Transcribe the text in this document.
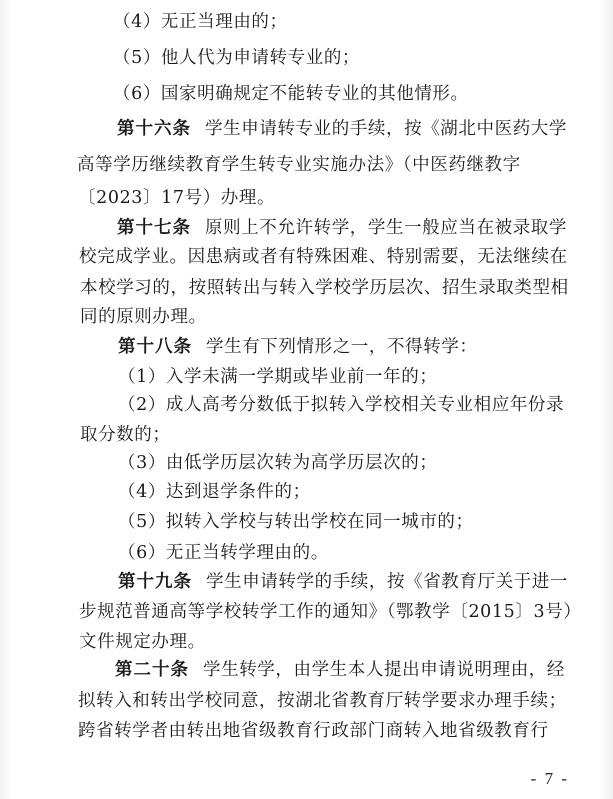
（4）无正当理由的；
（5）他人代为申请转专业的；
（6）国家明确规定不能转专业的其他情形。
第十六条 学生申请转专业的手续，按《湖北中医药大学
高等学历继续教育学生转专业实施办法》（中医药继教字
〔2023〕17号）办理。
第十七条 原则上不允许转学，学生一般应当在被录取学
校完成学业。因患病或者有特殊困难、特别需要，无法继续在
本校学习的，按照转出与转入学校学历层次、招生录取类型相
同的原则办理。
第十八条 学生有下列情形之一，不得转学：
（1）入学未满一学期或毕业前一年的；
（2）成人高考分数低于拟转入学校相关专业相应年份录
取分数的；
（3）由低学历层次转为高学历层次的；
（4）达到退学条件的；
（5）拟转入学校与转出学校在同一城市的；
（6）无正当转学理由的。
第十九条 学生申请转学的手续，按《省教育厅关于进一
步规范普通高等学校转学工作的通知》（鄂教学〔2015〕3号）
文件规定办理。
第二十条 学生转学，由学生本人提出申请说明理由，经
拟转入和转出学校同意，按湖北省教育厅转学要求办理手续；
跨省转学者由转出地省级教育行政部门商转入地省级教育行
- 7 -
